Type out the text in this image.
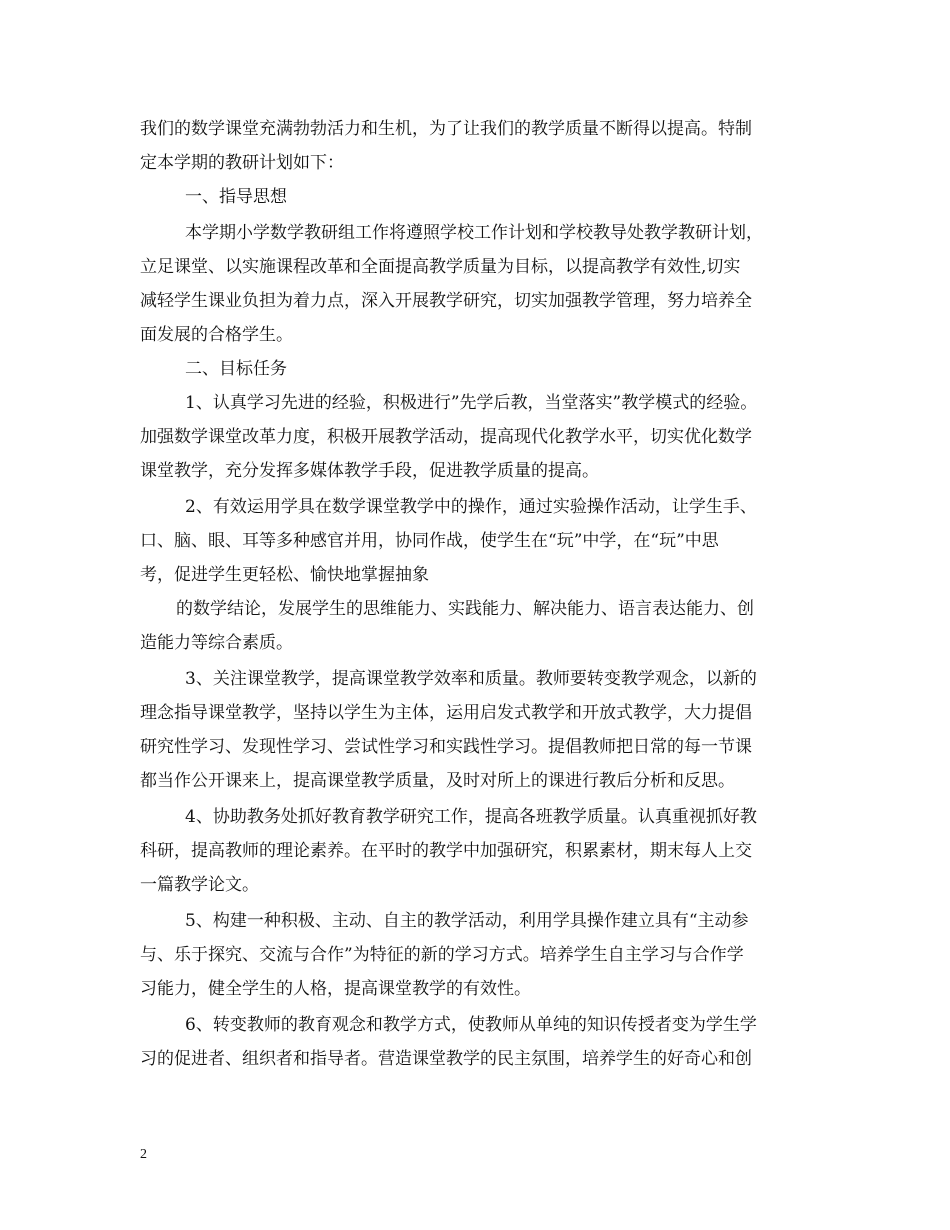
我们的数学课堂充满勃勃活力和生机，为了让我们的教学质量不断得以提高。特制
定本学期的教研计划如下：
一、指导思想
本学期小学数学教研组工作将遵照学校工作计划和学校教导处教学教研计划，
立足课堂、以实施课程改革和全面提高教学质量为目标，以提高教学有效性,切实
减轻学生课业负担为着力点，深入开展教学研究，切实加强教学管理，努力培养全
面发展的合格学生。
二、目标任务
1、认真学习先进的经验，积极进行”先学后教，当堂落实”教学模式的经验。
加强数学课堂改革力度，积极开展教学活动，提高现代化教学水平，切实优化数学
课堂教学，充分发挥多媒体教学手段，促进教学质量的提高。
2、有效运用学具在数学课堂教学中的操作，通过实验操作活动，让学生手、
口、脑、眼、耳等多种感官并用，协同作战，使学生在“玩”中学，在“玩”中思
考，促进学生更轻松、愉快地掌握抽象
的数学结论，发展学生的思维能力、实践能力、解决能力、语言表达能力、创
造能力等综合素质。
3、关注课堂教学，提高课堂教学效率和质量。教师要转变教学观念，以新的
理念指导课堂教学，坚持以学生为主体，运用启发式教学和开放式教学，大力提倡
研究性学习、发现性学习、尝试性学习和实践性学习。提倡教师把日常的每一节课
都当作公开课来上，提高课堂教学质量，及时对所上的课进行教后分析和反思。
4、协助教务处抓好教育教学研究工作，提高各班教学质量。认真重视抓好教
科研，提高教师的理论素养。在平时的教学中加强研究，积累素材，期末每人上交
一篇教学论文。
5、构建一种积极、主动、自主的教学活动，利用学具操作建立具有“主动参
与、乐于探究、交流与合作”为特征的新的学习方式。培养学生自主学习与合作学
习能力，健全学生的人格，提高课堂教学的有效性。
6、转变教师的教育观念和教学方式，使教师从单纯的知识传授者变为学生学
习的促进者、组织者和指导者。营造课堂教学的民主氛围，培养学生的好奇心和创
2
